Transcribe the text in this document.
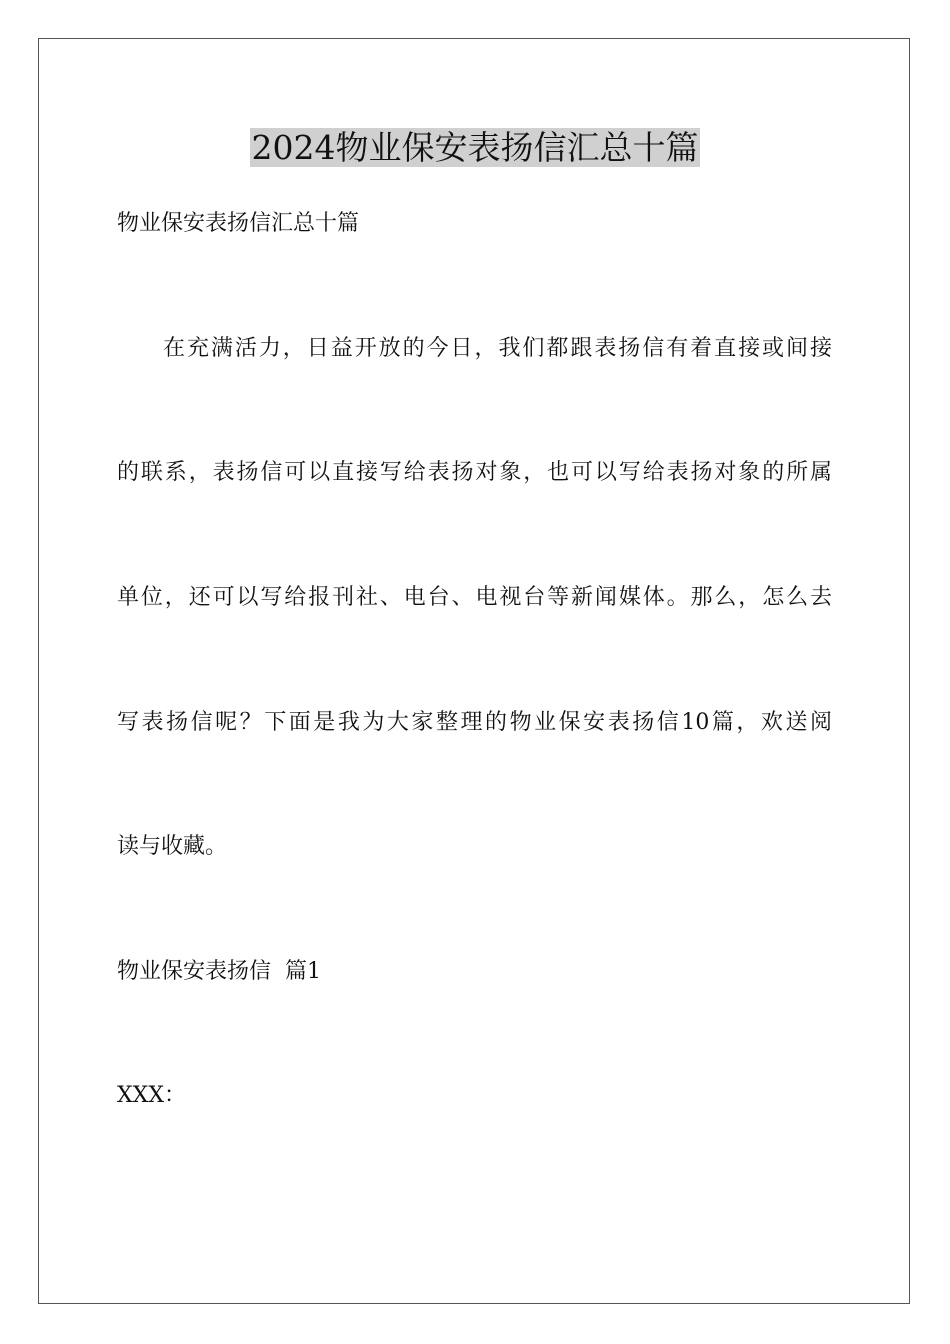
2024物业保安表扬信汇总十篇

物业保安表扬信汇总十篇

在充满活力，日益开放的今日，我们都跟表扬信有着直接或间接

的联系，表扬信可以直接写给表扬对象，也可以写给表扬对象的所属

单位，还可以写给报刊社、电台、电视台等新闻媒体。那么，怎么去

写表扬信呢？下面是我为大家整理的物业保安表扬信10篇，欢送阅

读与收藏。

物业保安表扬信  篇1

XXX：
